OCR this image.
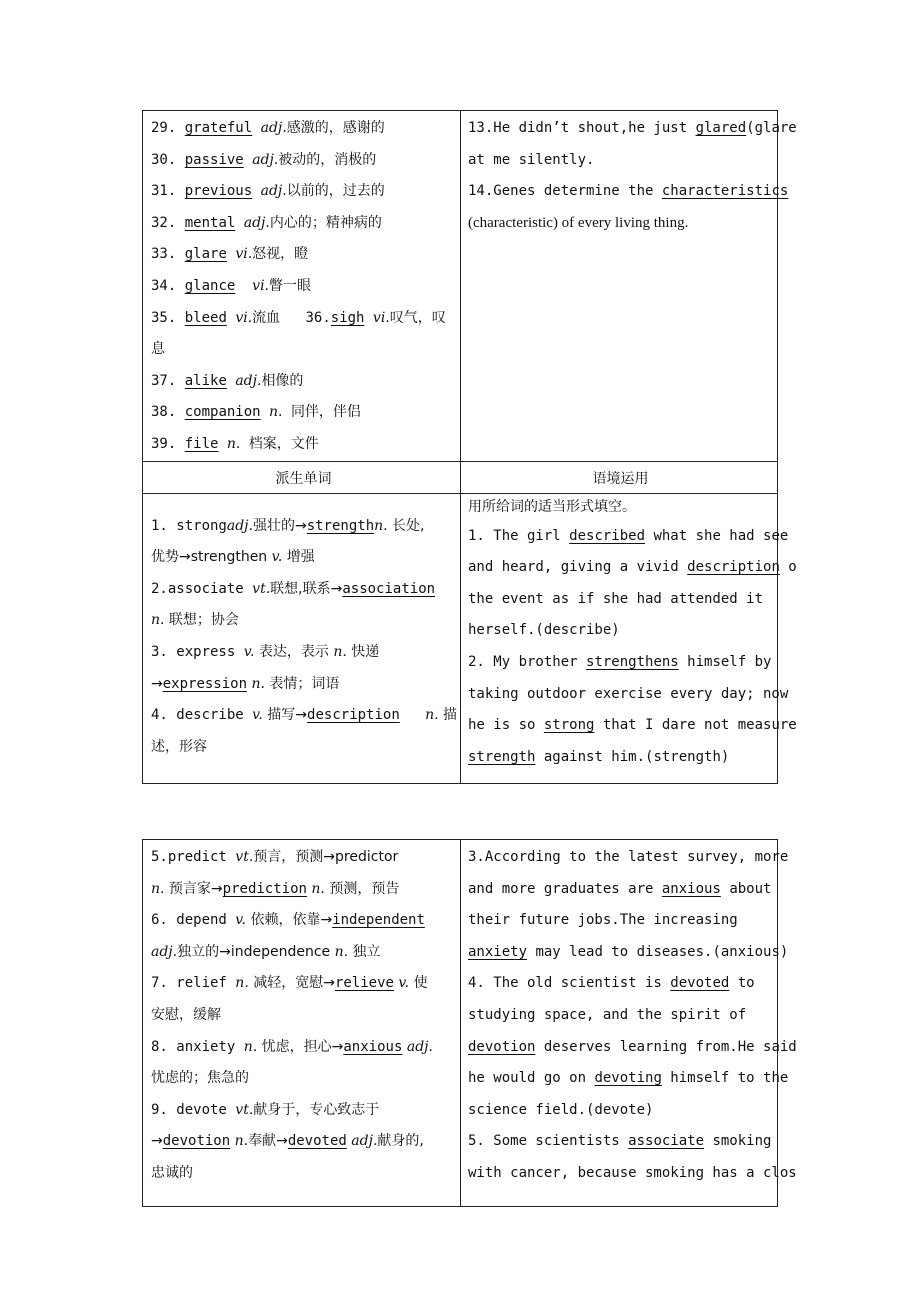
29. grateful adj.感激的，感谢的
30. passive adj.被动的，消极的
31. previous adj.以前的，过去的
32. mental adj.内心的；精神病的
33. glare vi.怒视，瞪
34. glance vi.瞥一眼
35. bleed vi.流血 36.sigh vi.叹气，叹
息
37. alike adj.相像的
38. companion n. 同伴，伴侣
39. file n. 档案，文件
13.He didn’t shout,he just glared(glare
at me silently.
14.Genes determine the characteristics
(characteristic) of every living thing.
派生单词	语境运用
1. strongadj.强壮的→strengthn. 长处,
优势→strengthen v. 增强
2.associate vt.联想,联系→association
n. 联想；协会
3. express v. 表达，表示 n. 快递
→expression n. 表情；词语
4. describe v. 描写→description n. 描
述，形容
用所给词的适当形式填空。
1. The girl described what she had see
and heard, giving a vivid description o
the event as if she had attended it
herself.(describe)
2. My brother strengthens himself by
taking outdoor exercise every day; now
he is so strong that I dare not measure
strength against him.(strength)
5.predict vt.预言，预测→predictor
n. 预言家→prediction n. 预测，预告
6. depend v. 依赖，依靠→independent
adj.独立的→independence n. 独立
7. relief n. 减轻，宽慰→relieve v. 使
安慰，缓解
8. anxiety n. 忧虑，担心→anxious adj.
忧虑的；焦急的
9. devote vt.献身于，专心致志于
→devotion n.奉献→devoted adj.献身的,
忠诚的
3.According to the latest survey, more
and more graduates are anxious about
their future jobs.The increasing
anxiety may lead to diseases.(anxious)
4. The old scientist is devoted to
studying space, and the spirit of
devotion deserves learning from.He said
he would go on devoting himself to the
science field.(devote)
5. Some scientists associate smoking
with cancer, because smoking has a clos
